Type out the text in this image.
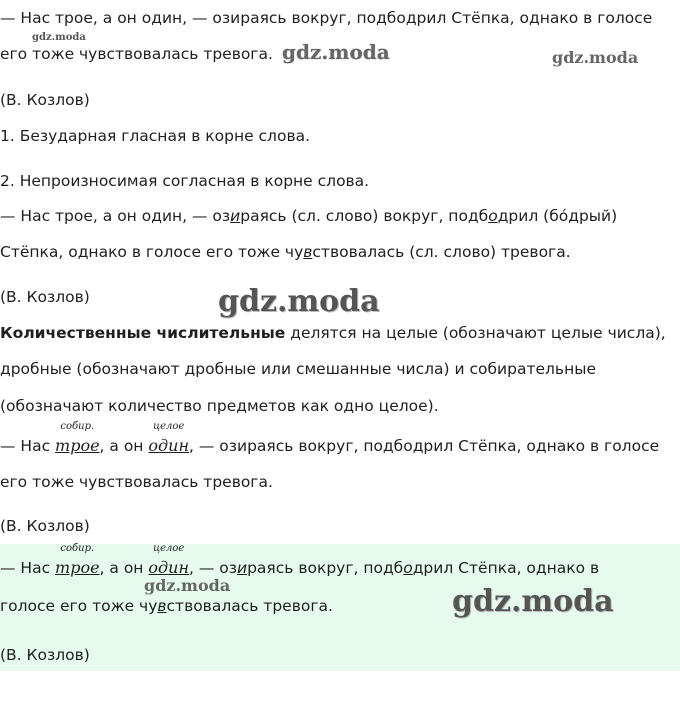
— Нас трое, а он один, — озираясь вокруг, подбодрил Стёпка, однако в голосе
его тоже чувствовалась тревога.
(В. Козлов)
1. Безударная гласная в корне слова.
2. Непроизносимая согласная в корне слова.
— Нас трое, а он один, — озираясь (сл. слово) вокруг, подбодрил (бóдрый)
Стёпка, однако в голосе его тоже чувствовалась (сл. слово) тревога.
(В. Козлов)
Количественные числительные делятся на целые (обозначают целые числа),
дробные (обозначают дробные или смешанные числа) и собирательные
(обозначают количество предметов как одно целое).
— Нас
собир.
трое, а он
целое
один, — озираясь вокруг, подбодрил Стёпка, однако в голосе
его тоже чувствовалась тревога.
(В. Козлов)
— Нас
собир.
трое, а он
целое
один, — озираясь вокруг, подбодрил Стёпка, однако в
голосе его тоже чувствовалась тревога.
(В. Козлов)
gdz.moda
gdz.moda	gdz.moda
gdz.moda
gdz.moda	gdz.moda
